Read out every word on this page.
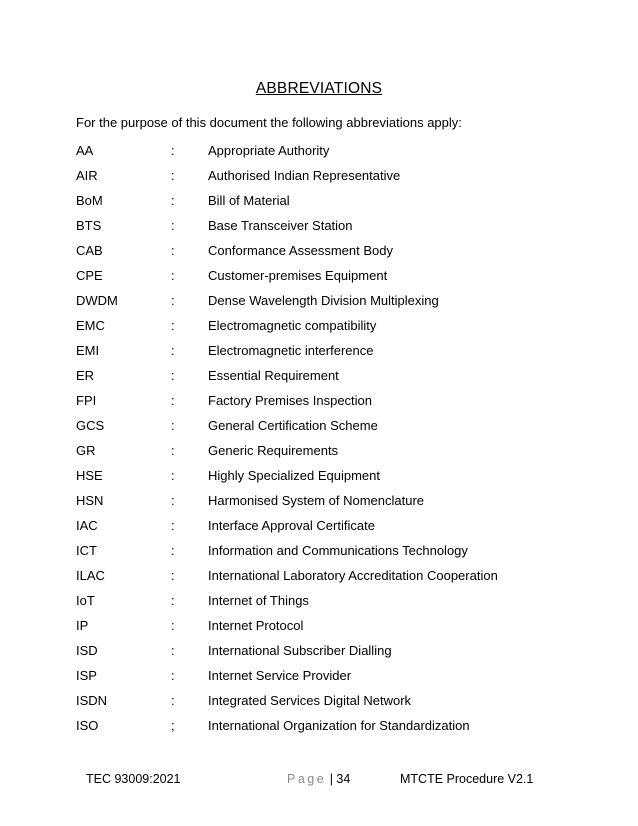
ABBREVIATIONS
For the purpose of this document the following abbreviations apply:
AA	:	Appropriate Authority
AIR	:	Authorised Indian Representative
BoM	:	Bill of Material
BTS	:	Base Transceiver Station
CAB	:	Conformance Assessment Body
CPE	:	Customer-premises Equipment
DWDM	:	Dense Wavelength Division Multiplexing
EMC	:	Electromagnetic compatibility
EMI	:	Electromagnetic interference
ER	:	Essential Requirement
FPI	:	Factory Premises Inspection
GCS	:	General Certification Scheme
GR	:	Generic Requirements
HSE	:	Highly Specialized Equipment
HSN	:	Harmonised System of Nomenclature
IAC	:	Interface Approval Certificate
ICT	:	Information and Communications Technology
ILAC	:	International Laboratory Accreditation Cooperation
IoT	:	Internet of Things
IP	:	Internet Protocol
ISD	:	International Subscriber Dialling
ISP	:	Internet Service Provider
ISDN	:	Integrated Services Digital Network
ISO	;	International Organization for Standardization
TEC 93009:2021	Page | 34	MTCTE Procedure V2.1
